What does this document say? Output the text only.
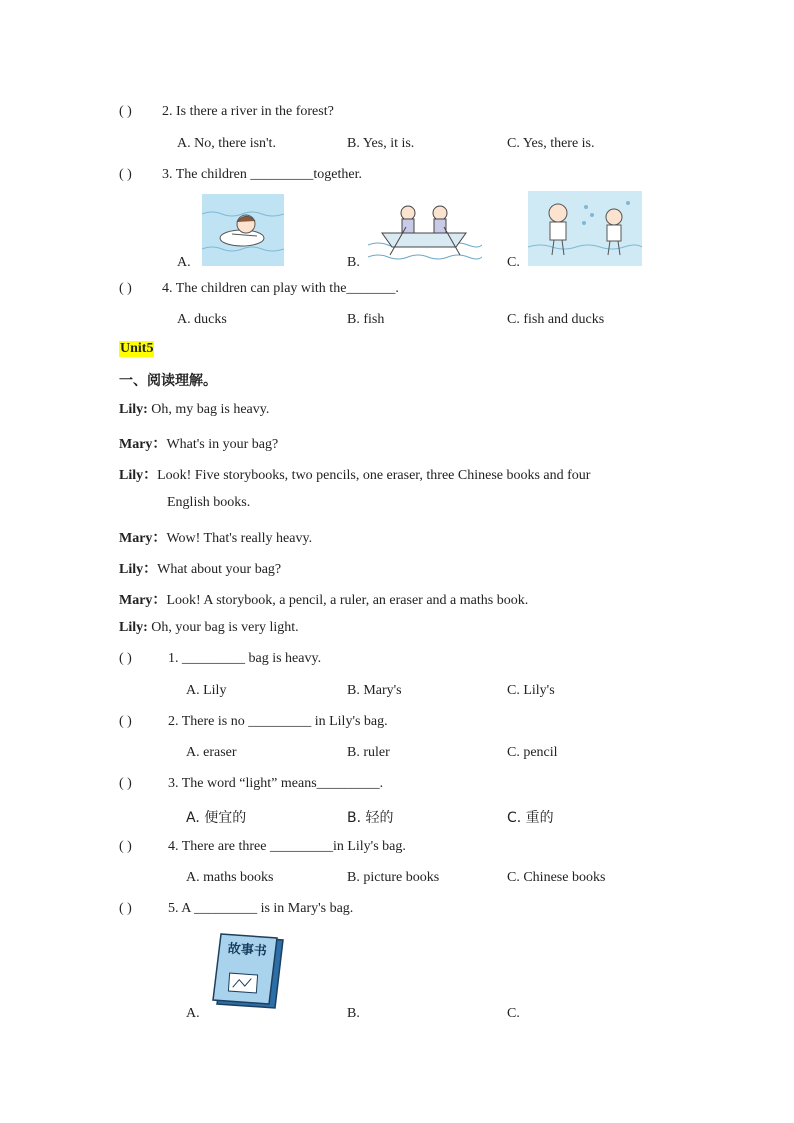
( ) 2. Is there a river in the forest?
A. No, there isn't.	B. Yes, it is.	C. Yes, there is.
( ) 3. The children _________together.
A.	B.	C.
( ) 4. The children can play with the_______.
A. ducks	B. fish	C. fish and ducks
Unit5
一、阅读理解。
Lily: Oh, my bag is heavy.
Mary：What's in your bag?
Lily：Look! Five storybooks, two pencils, one eraser, three Chinese books and four
English books.
Mary：Wow! That's really heavy.
Lily：What about your bag?
Mary：Look! A storybook, a pencil, a ruler, an eraser and a maths book.
Lily: Oh, your bag is very light.
( )	1. _________ bag is heavy.
A. Lily	B. Mary's	C. Lily's
( )	2. There is no _________ in Lily's bag.
A. eraser	B. ruler	C. pencil
( )	3. The word “light” means_________.
A. 便宜的	B. 轻的	C. 重的
( )	4. There are three _________in Lily's bag.
A. maths books	B. picture books	C. Chinese books
( )	5. A _________ is in Mary's bag.
故事书
A.	B.	C.
